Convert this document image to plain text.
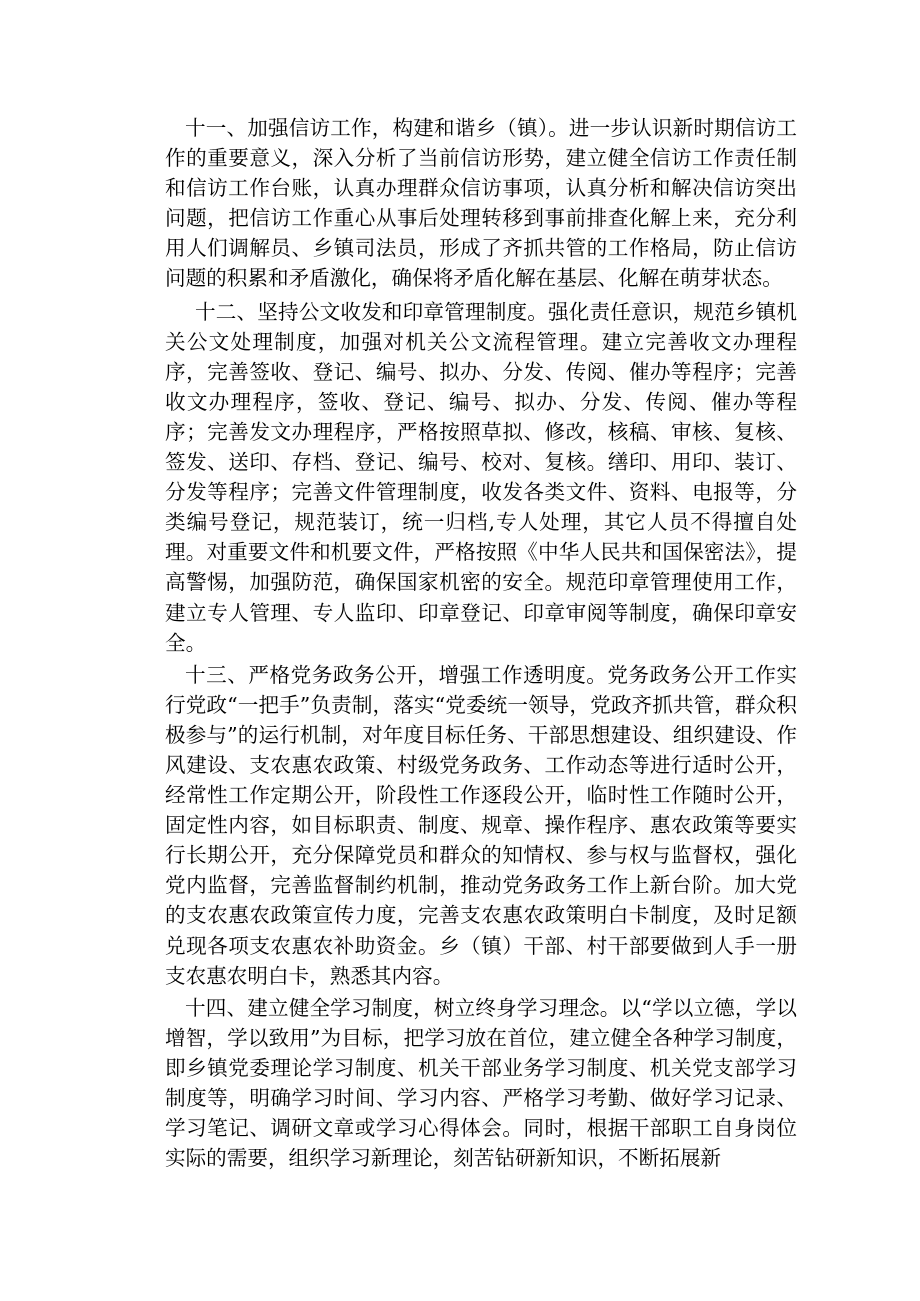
十一、加强信访工作，构建和谐乡（镇）。进一步认识新时期信访工作的重要意义，深入分析了当前信访形势，建立健全信访工作责任制和信访工作台账，认真办理群众信访事项，认真分析和解决信访突出问题，把信访工作重心从事后处理转移到事前排查化解上来，充分利用人们调解员、乡镇司法员，形成了齐抓共管的工作格局，防止信访问题的积累和矛盾激化，确保将矛盾化解在基层、化解在萌芽状态。

十二、坚持公文收发和印章管理制度。强化责任意识，规范乡镇机关公文处理制度，加强对机关公文流程管理。建立完善收文办理程序，完善签收、登记、编号、拟办、分发、传阅、催办等程序；完善收文办理程序，签收、登记、编号、拟办、分发、传阅、催办等程序；完善发文办理程序，严格按照草拟、修改，核稿、审核、复核、签发、送印、存档、登记、编号、校对、复核。缮印、用印、装订、分发等程序；完善文件管理制度，收发各类文件、资料、电报等，分类编号登记，规范装订，统一归档,专人处理，其它人员不得擅自处理。对重要文件和机要文件，严格按照《中华人民共和国保密法》，提高警惕，加强防范，确保国家机密的安全。规范印章管理使用工作，建立专人管理、专人监印、印章登记、印章审阅等制度，确保印章安全。

十三、严格党务政务公开，增强工作透明度。党务政务公开工作实行党政“一把手”负责制，落实“党委统一领导，党政齐抓共管，群众积极参与”的运行机制，对年度目标任务、干部思想建设、组织建设、作风建设、支农惠农政策、村级党务政务、工作动态等进行适时公开，经常性工作定期公开，阶段性工作逐段公开，临时性工作随时公开，固定性内容，如目标职责、制度、规章、操作程序、惠农政策等要实行长期公开，充分保障党员和群众的知情权、参与权与监督权，强化党内监督，完善监督制约机制，推动党务政务工作上新台阶。加大党的支农惠农政策宣传力度，完善支农惠农政策明白卡制度，及时足额兑现各项支农惠农补助资金。乡（镇）干部、村干部要做到人手一册支农惠农明白卡，熟悉其内容。

十四、建立健全学习制度，树立终身学习理念。以“学以立德，学以增智，学以致用”为目标，把学习放在首位，建立健全各种学习制度，即乡镇党委理论学习制度、机关干部业务学习制度、机关党支部学习制度等，明确学习时间、学习内容、严格学习考勤、做好学习记录、学习笔记、调研文章或学习心得体会。同时，根据干部职工自身岗位实际的需要，组织学习新理论，刻苦钻研新知识，不断拓展新
